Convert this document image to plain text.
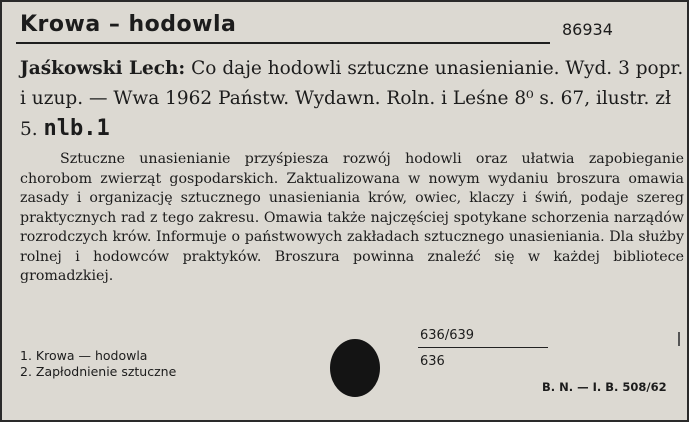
Krowa – hodowla	86934
Jaśkowski Lech: Co daje hodowli sztuczne unasienianie. Wyd. 3 popr. i uzup. — Wwa 1962 Państw. Wydawn. Roln. i Leśne 8⁰ s. 67, ilustr. zł 5. nlb.1
Sztuczne unasienianie przyśpiesza rozwój hodowli oraz ułatwia zapobieganie chorobom zwierząt gospodarskich. Zaktualizowana w nowym wydaniu broszura omawia zasady i organizację sztucznego unasieniania krów, owiec, klaczy i świń, podaje szereg praktycznych rad z tego zakresu. Omawia także najczęściej spotykane schorzenia narządów rozrodczych krów. Informuje o państwowych zakładach sztucznego unasieniania. Dla służby rolnej i hodowców praktyków. Broszura powinna znaleźć się w każdej bibliotece gromadzkiej.
1. Krowa — hodowla
2. Zapłodnienie sztuczne
636/639
636
B. N. — I. B. 508/62
